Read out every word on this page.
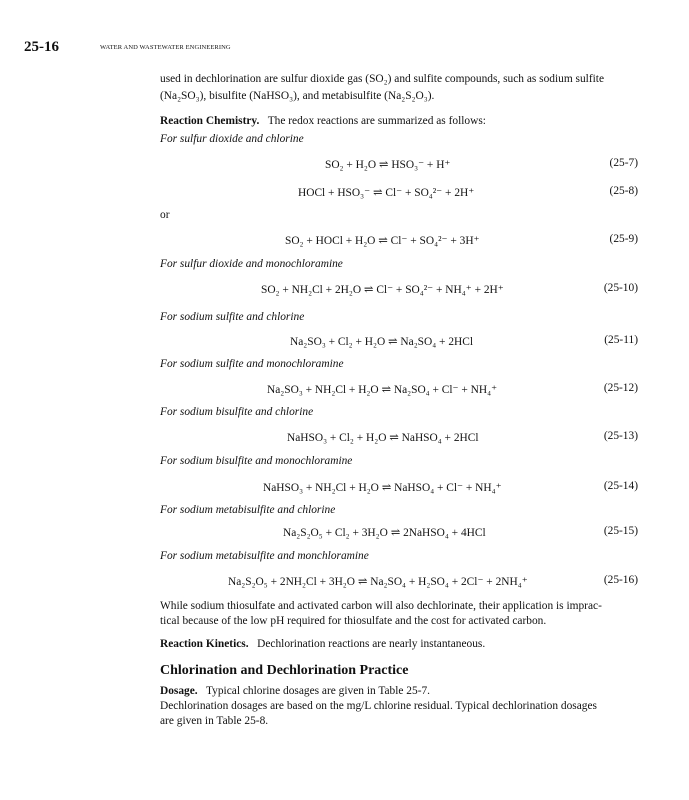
25-16	WATER AND WASTEWATER ENGINEERING
used in dechlorination are sulfur dioxide gas (SO₂) and sulfite compounds, such as sodium sulfite
(Na₂SO₃), bisulfite (NaHSO₃), and metabisulfite (Na₂S₂O₃).
Reaction Chemistry. The redox reactions are summarized as follows:
For sulfur dioxide and chlorine
SO₂ + H₂O ⇌ HSO₃⁻ + H⁺	(25-7)
HOCl + HSO₃⁻ ⇌ Cl⁻ + SO₄²⁻ + 2H⁺	(25-8)
or
SO₂ + HOCl + H₂O ⇌ Cl⁻ + SO₄²⁻ + 3H⁺	(25-9)
For sulfur dioxide and monochloramine
SO₂ + NH₂Cl + 2H₂O ⇌ Cl⁻ + SO₄²⁻ + NH₄⁺ + 2H⁺	(25-10)
For sodium sulfite and chlorine
Na₂SO₃ + Cl₂ + H₂O ⇌ Na₂SO₄ + 2HCl	(25-11)
For sodium sulfite and monochloramine
Na₂SO₃ + NH₂Cl + H₂O ⇌ Na₂SO₄ + Cl⁻ + NH₄⁺	(25-12)
For sodium bisulfite and chlorine
NaHSO₃ + Cl₂ + H₂O ⇌ NaHSO₄ + 2HCl	(25-13)
For sodium bisulfite and monochloramine
NaHSO₃ + NH₂Cl + H₂O ⇌ NaHSO₄ + Cl⁻ + NH₄⁺	(25-14)
For sodium metabisulfite and chlorine
Na₂S₂O₅ + Cl₂ + 3H₂O ⇌ 2NaHSO₄ + 4HCl	(25-15)
For sodium metabisulfite and monchloramine
Na₂S₂O₅ + 2NH₂Cl + 3H₂O ⇌ Na₂SO₄ + H₂SO₄ + 2Cl⁻ + 2NH₄⁺	(25-16)
While sodium thiosulfate and activated carbon will also dechlorinate, their application is imprac-
tical because of the low pH required for thiosulfate and the cost for activated carbon.
Reaction Kinetics. Dechlorination reactions are nearly instantaneous.
Chlorination and Dechlorination Practice
Dosage. Typical chlorine dosages are given in Table 25-7.
Dechlorination dosages are based on the mg/L chlorine residual. Typical dechlorination dosages
are given in Table 25-8.
